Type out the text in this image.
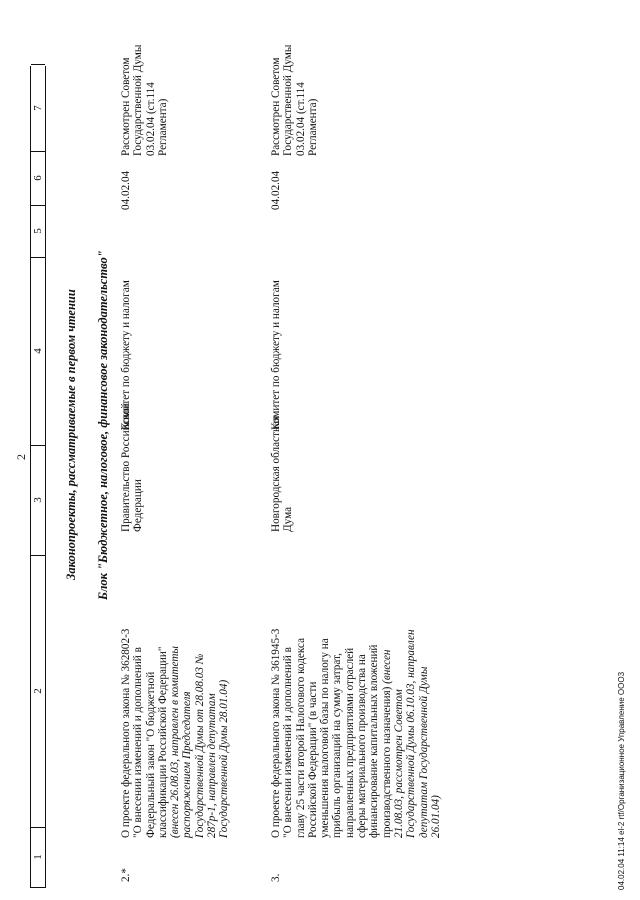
2
1
2
3
4
5
6
7
Законопроекты, рассматриваемые в первом чтении Блок "Бюджетное, налоговое, финансовое законодательство"
2.*
О проекте федерального закона № 362802-3 "О внесении изменений и дополнений в Федеральный закон "О бюджетной классификации Российской Федерации" (внесен 26.08.03, направлен в комитеты распоряжением Председателя Государственной Думы от 28.08.03 № 287р-1, направлен депутатам Государственной Думы 28.01.04)
Правительство Российской Федерации
Комитет по бюджету и налогам
04.02.04
Рассмотрен Советом Государственной Думы 03.02.04 (ст.114 Регламента)
3.
О проекте федерального закона № 361945-3 "О внесении изменений и дополнений в главу 25 части второй Налогового кодекса Российской Федерации" (в части уменьшения налоговой базы по налогу на прибыль организаций на сумму затрат, направленных предприятиями отраслей сферы материального производства на финансирование капитальных вложений производственного назначения) (внесен 21.08.03, рассмотрен Советом Государственной Думы 06.10.03, направлен депутатам Государственной Думы 26.01.04)
Новгородская областная Дума
Комитет по бюджету и налогам
04.02.04
Рассмотрен Советом Государственной Думы 03.02.04 (ст.114 Регламента)
04.02.04 11:14 el-2 rtf/Организационное Управление ООО3
